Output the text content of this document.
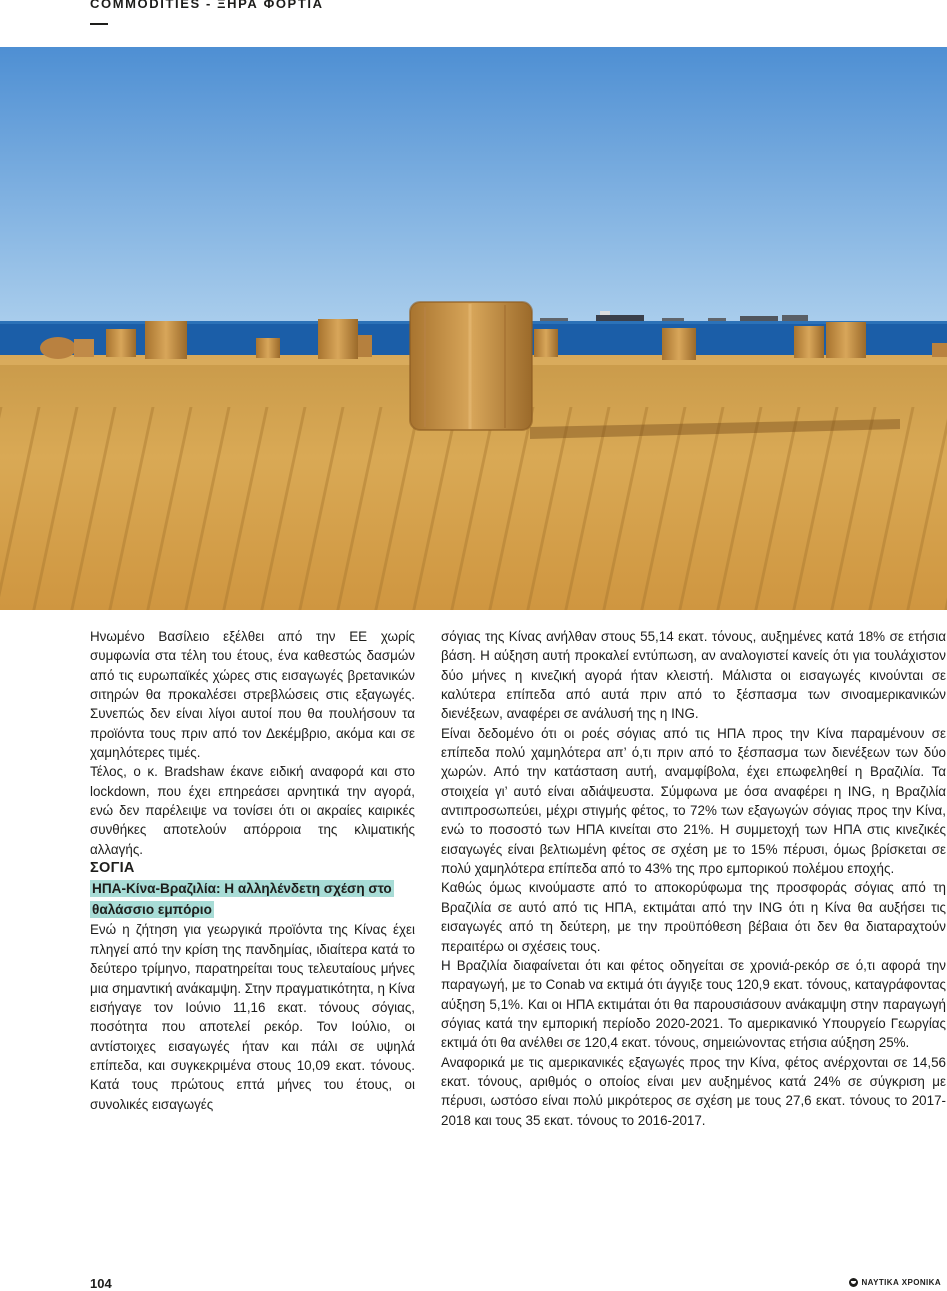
COMMODITIES - ΞΗΡΑ ΦΟΡΤΙΑ

Ηνωμένο Βασίλειο εξέλθει από την ΕΕ χωρίς συμφωνία στα τέλη του έτους, ένα καθεστώς δασμών από τις ευρωπαϊκές χώρες στις εισαγωγές βρετανικών σιτηρών θα προκαλέσει στρεβλώσεις στις εξαγωγές. Συνεπώς δεν είναι λίγοι αυτοί που θα πουλήσουν τα προϊόντα τους πριν από τον Δεκέμβριο, ακόμα και σε χαμηλότερες τιμές.

Τέλος, ο κ. Bradshaw έκανε ειδική αναφορά και στο lockdown, που έχει επηρεάσει αρνητικά την αγορά, ενώ δεν παρέλειψε να τονίσει ότι οι ακραίες καιρικές συνθήκες αποτελούν απόρροια της κλιματικής αλλαγής.

ΣΟΓΙΑ

ΗΠΑ-Κίνα-Βραζιλία: Η αλληλένδετη σχέση στο θαλάσσιο εμπόριο

Ενώ η ζήτηση για γεωργικά προϊόντα της Κίνας έχει πληγεί από την κρίση της πανδημίας, ιδιαίτερα κατά το δεύτερο τρίμηνο, παρατηρείται τους τελευταίους μήνες μια σημαντική ανάκαμψη. Στην πραγματικότητα, η Κίνα εισήγαγε τον Ιούνιο 11,16 εκατ. τόνους σόγιας, ποσότητα που αποτελεί ρεκόρ. Τον Ιούλιο, οι αντίστοιχες εισαγωγές ήταν και πάλι σε υψηλά επίπεδα, και συγκεκριμένα στους 10,09 εκατ. τόνους. Κατά τους πρώτους επτά μήνες του έτους, οι συνολικές εισαγωγές

σόγιας της Κίνας ανήλθαν στους 55,14 εκατ. τόνους, αυξημένες κατά 18% σε ετήσια βάση. Η αύξηση αυτή προκαλεί εντύπωση, αν αναλογιστεί κανείς ότι για τουλάχιστον δύο μήνες η κινεζική αγορά ήταν κλειστή. Μάλιστα οι εισαγωγές κινούνται σε καλύτερα επίπεδα από αυτά πριν από το ξέσπασμα των σινοαμερικανικών διενέξεων, αναφέρει σε ανάλυσή της η ING.

Είναι δεδομένο ότι οι ροές σόγιας από τις ΗΠΑ προς την Κίνα παραμένουν σε επίπεδα πολύ χαμηλότερα απ’ ό,τι πριν από το ξέσπασμα των διενέξεων των δύο χωρών. Από την κατάσταση αυτή, αναμφίβολα, έχει επωφεληθεί η Βραζιλία. Τα στοιχεία γι’ αυτό είναι αδιάψευστα. Σύμφωνα με όσα αναφέρει η ING, η Βραζιλία αντιπροσωπεύει, μέχρι στιγμής φέτος, το 72% των εξαγωγών σόγιας προς την Κίνα, ενώ το ποσοστό των ΗΠΑ κινείται στο 21%. Η συμμετοχή των ΗΠΑ στις κινεζικές εισαγωγές είναι βελτιωμένη φέτος σε σχέση με το 15% πέρυσι, όμως βρίσκεται σε πολύ χαμηλότερα επίπεδα από το 43% της προ εμπορικού πολέμου εποχής.

Καθώς όμως κινούμαστε από το αποκορύφωμα της προσφοράς σόγιας από τη Βραζιλία σε αυτό από τις ΗΠΑ, εκτιμάται από την ING ότι η Κίνα θα αυξήσει τις εισαγωγές από τη δεύτερη, με την προϋπόθεση βέβαια ότι δεν θα διαταραχτούν περαιτέρω οι σχέσεις τους.

Η Βραζιλία διαφαίνεται ότι και φέτος οδηγείται σε χρονιά-ρεκόρ σε ό,τι αφορά την παραγωγή, με το Conab να εκτιμά ότι άγγιξε τους 120,9 εκατ. τόνους, καταγράφοντας αύξηση 5,1%. Και οι ΗΠΑ εκτιμάται ότι θα παρουσιάσουν ανάκαμψη στην παραγωγή σόγιας κατά την εμπορική περίοδο 2020-2021. Το αμερικανικό Υπουργείο Γεωργίας εκτιμά ότι θα ανέλθει σε 120,4 εκατ. τόνους, σημειώνοντας ετήσια αύξηση 25%.

Αναφορικά με τις αμερικανικές εξαγωγές προς την Κίνα, φέτος ανέρχονται σε 14,56 εκατ. τόνους, αριθμός ο οποίος είναι μεν αυξημένος κατά 24% σε σύγκριση με πέρυσι, ωστόσο είναι πολύ μικρότερος σε σχέση με τους 27,6 εκατ. τόνους το 2017-2018 και τους 35 εκατ. τόνους το 2016-2017.

104	ΝΑΥΤΙΚΑ ΧΡΟΝΙΚΑ
